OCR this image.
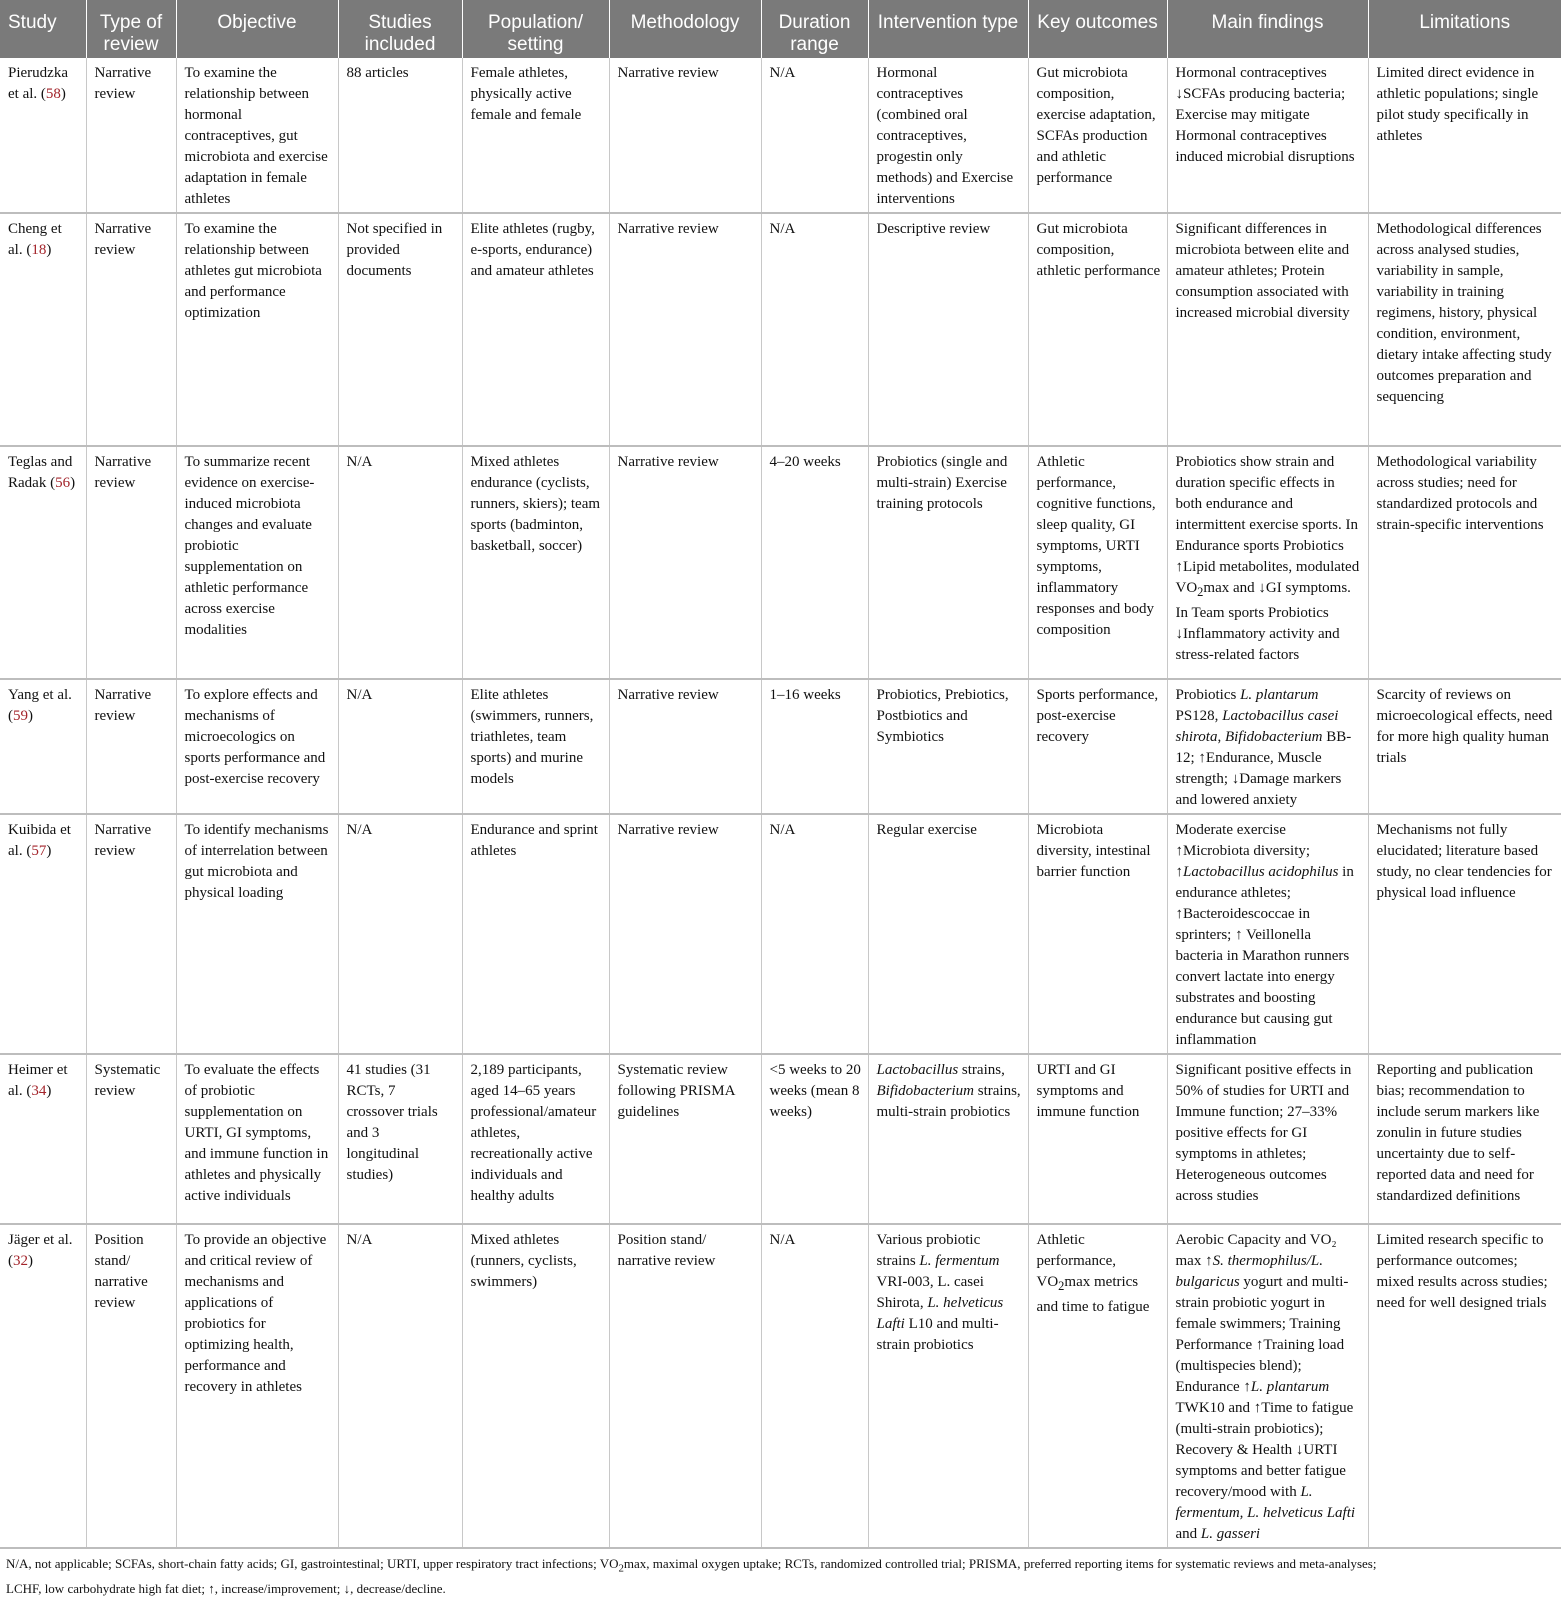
Study	Type of review	Objective	Studies included	Population/ setting	Methodology	Duration range	Intervention type	Key outcomes	Main findings	Limitations
Pierudzka et al. (58)	Narrative review	To examine the relationship between hormonal contraceptives, gut microbiota and exercise adaptation in female athletes	88 articles	Female athletes, physically active female and female	Narrative review	N/A	Hormonal contraceptives (combined oral contraceptives, progestin only methods) and Exercise interventions	Gut microbiota composition, exercise adaptation, SCFAs production and athletic performance	Hormonal contraceptives ↓SCFAs producing bacteria; Exercise may mitigate Hormonal contraceptives induced microbial disruptions	Limited direct evidence in athletic populations; single pilot study specifically in athletes
Cheng et al. (18)	Narrative review	To examine the relationship between athletes gut microbiota and performance optimization	Not specified in provided documents	Elite athletes (rugby, e-sports, endurance) and amateur athletes	Narrative review	N/A	Descriptive review	Gut microbiota composition, athletic performance	Significant differences in microbiota between elite and amateur athletes; Protein consumption associated with increased microbial diversity	Methodological differences across analysed studies, variability in sample, variability in training regimens, history, physical condition, environment, dietary intake affecting study outcomes preparation and sequencing
Teglas and Radak (56)	Narrative review	To summarize recent evidence on exercise-induced microbiota changes and evaluate probiotic supplementation on athletic performance across exercise modalities	N/A	Mixed athletes endurance (cyclists, runners, skiers); team sports (badminton, basketball, soccer)	Narrative review	4–20 weeks	Probiotics (single and multi-strain) Exercise training protocols	Athletic performance, cognitive functions, sleep quality, GI symptoms, URTI symptoms, inflammatory responses and body composition	Probiotics show strain and duration specific effects in both endurance and intermittent exercise sports. In Endurance sports Probiotics ↑Lipid metabolites, modulated $VO_2\max$ and ↓GI symptoms. In Team sports Probiotics ↓Inflammatory activity and stress-related factors	Methodological variability across studies; need for standardized protocols and strain-specific interventions
Yang et al. (59)	Narrative review	To explore effects and mechanisms of microecologics on sports performance and post-exercise recovery	N/A	Elite athletes (swimmers, runners, triathletes, team sports) and murine models	Narrative review	1–16 weeks	Probiotics, Prebiotics, Postbiotics and Symbiotics	Sports performance, post-exercise recovery	Probiotics L. plantarum PS128, Lactobacillus casei shirota, Bifidobacterium BB-12; ↑Endurance, Muscle strength; ↓Damage markers and lowered anxiety	Scarcity of reviews on microecological effects, need for more high quality human trials
Kuibida et al. (57)	Narrative review	To identify mechanisms of interrelation between gut microbiota and physical loading	N/A	Endurance and sprint athletes	Narrative review	N/A	Regular exercise	Microbiota diversity, intestinal barrier function	Moderate exercise ↑Microbiota diversity; ↑Lactobacillus acidophilus in endurance athletes; ↑Bacteroidescoccae in sprinters; ↑ Veillonella bacteria in Marathon runners convert lactate into energy substrates and boosting endurance but causing gut inflammation	Mechanisms not fully elucidated; literature based study, no clear tendencies for physical load influence
Heimer et al. (34)	Systematic review	To evaluate the effects of probiotic supplementation on URTI, GI symptoms, and immune function in athletes and physically active individuals	41 studies (31 RCTs, 7 crossover trials and 3 longitudinal studies)	2,189 participants, aged 14–65 years professional/amateur athletes, recreationally active individuals and healthy adults	Systematic review following PRISMA guidelines	<5 weeks to 20 weeks (mean 8 weeks)	Lactobacillus strains, Bifidobacterium strains, multi-strain probiotics	URTI and GI symptoms and immune function	Significant positive effects in 50% of studies for URTI and Immune function; 27–33% positive effects for GI symptoms in athletes; Heterogeneous outcomes across studies	Reporting and publication bias; recommendation to include serum markers like zonulin in future studies uncertainty due to self-reported data and need for standardized definitions
Jäger et al. (32)	Position stand/ narrative review	To provide an objective and critical review of mechanisms and applications of probiotics for optimizing health, performance and recovery in athletes	N/A	Mixed athletes (runners, cyclists, swimmers)	Position stand/ narrative review	N/A	Various probiotic strains L. fermentum VRI-003, L. casei Shirota, L. helveticus Lafti L10 and multi-strain probiotics	Athletic performance, $VO_2\max$ metrics and time to fatigue	Aerobic Capacity and VO₂ max ↑S. thermophilus/L. bulgaricus yogurt and multi-strain probiotic yogurt in female swimmers; Training Performance ↑Training load (multispecies blend); Endurance ↑L. plantarum TWK10 and ↑Time to fatigue (multi-strain probiotics); Recovery & Health ↓URTI symptoms and better fatigue recovery/mood with L. fermentum, L. helveticus Lafti and L. gasseri	Limited research specific to performance outcomes; mixed results across studies; need for well designed trials
N/A, not applicable; SCFAs, short-chain fatty acids; GI, gastrointestinal; URTI, upper respiratory tract infections; $VO_2\max$, maximal oxygen uptake; RCTs, randomized controlled trial; PRISMA, preferred reporting items for systematic reviews and meta-analyses;
LCHF, low carbohydrate high fat diet; ↑, increase/improvement; ↓, decrease/decline.
